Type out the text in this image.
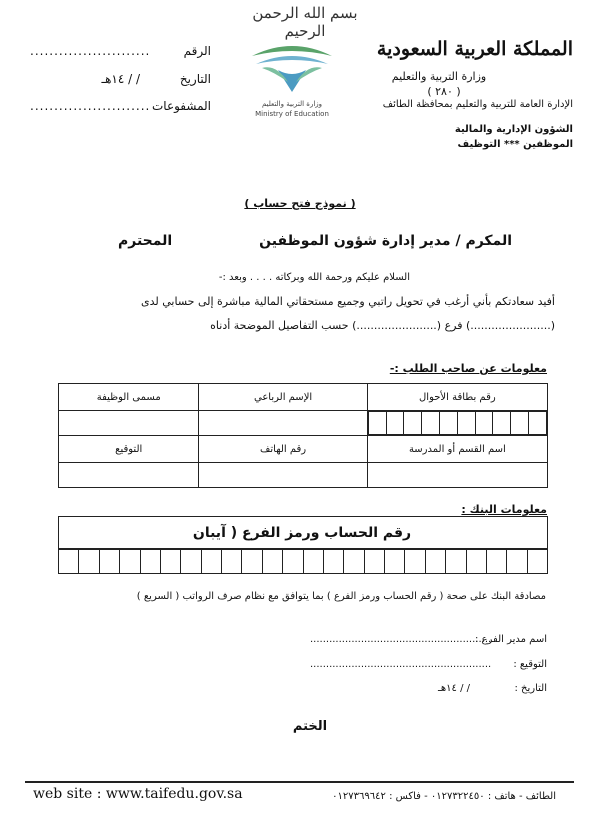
بسم الله الرحمن الرحيم
المملكة العربية السعودية
وزارة التربية والتعليم
( ٢٨٠ )
الإدارة العامة للتربية والتعليم بمحافظة الطائف
الشؤون الإدارية والمالية
الموظفين *** التوظيف
وزارة التربية والتعليم
Ministry of Education
الرقم
.........................
التاريخ
/ / ١٤هـ
المشفوعات
.........................
( نموذج فتح حساب )
المكرم / مدير إدارة شؤون الموظفين
المحترم
السلام عليكم ورحمة الله وبركاته . . . . وبعد :-
أفيد سعادتكم بأني أرغب في تحويل راتبي وجميع مستحقاتي المالية مباشرة إلى حسابي لدى
(.......................) فرع (.......................) حسب التفاصيل الموضحة أدناه
معلومات عن صاحب الطلب :-
مسمى الوظيفة	الإسم الرباعي	رقم بطاقة الأحوال

التوقيع	رقم الهاتف	اسم القسم أو المدرسة

معلومات البنك :
رقم الحساب ورمز الفرع ( آيبان

مصادقة البنك على صحة ( رقم الحساب ورمز الفرع ) بما يتوافق مع نظام صرف الرواتب ( السريع )
اسم مدير الفرع :
.........................................................
التوقيع :
.........................................................
التاريخ :
/ / ١٤هـ
الختم
web site : www.taifedu.gov.sa	الطائف - هاتف : ٠١٢٧٣٢٢٤٥٠ - فاكس : ٠١٢٧٣٦٩٦٤٢
